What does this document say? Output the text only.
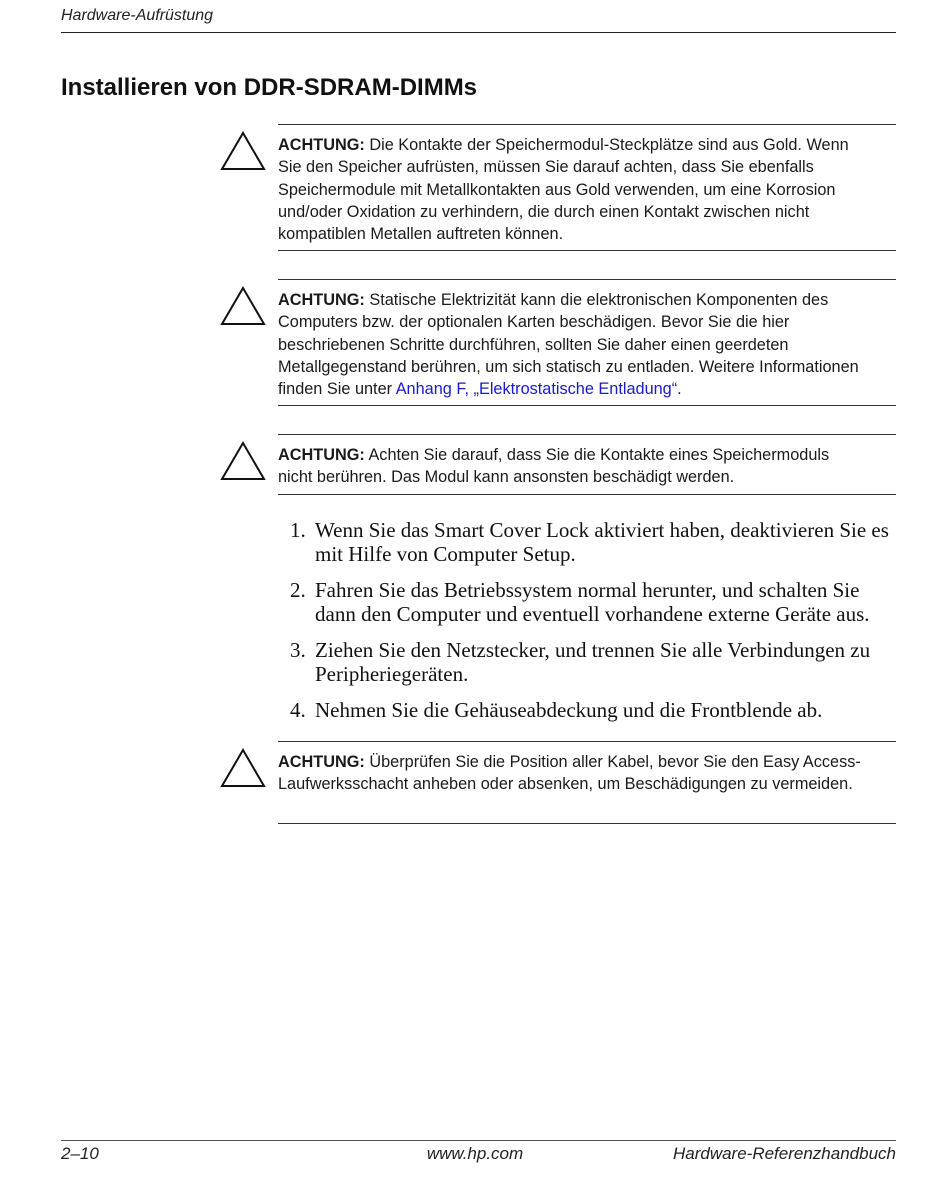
Hardware-Aufrüstung
Installieren von DDR-SDRAM-DIMMs
ACHTUNG: Die Kontakte der Speichermodul-Steckplätze sind aus Gold. Wenn Sie den Speicher aufrüsten, müssen Sie darauf achten, dass Sie ebenfalls Speichermodule mit Metallkontakten aus Gold verwenden, um eine Korrosion und/oder Oxidation zu verhindern, die durch einen Kontakt zwischen nicht kompatiblen Metallen auftreten können.
ACHTUNG: Statische Elektrizität kann die elektronischen Komponenten des Computers bzw. der optionalen Karten beschädigen. Bevor Sie die hier beschriebenen Schritte durchführen, sollten Sie daher einen geerdeten Metallgegenstand berühren, um sich statisch zu entladen. Weitere Informationen finden Sie unter Anhang F, „Elektrostatische Entladung“.
ACHTUNG: Achten Sie darauf, dass Sie die Kontakte eines Speichermoduls nicht berühren. Das Modul kann ansonsten beschädigt werden.
1. Wenn Sie das Smart Cover Lock aktiviert haben, deaktivieren Sie es mit Hilfe von Computer Setup.
2. Fahren Sie das Betriebssystem normal herunter, und schalten Sie dann den Computer und eventuell vorhandene externe Geräte aus.
3. Ziehen Sie den Netzstecker, und trennen Sie alle Verbindungen zu Peripheriegeräten.
4. Nehmen Sie die Gehäuseabdeckung und die Frontblende ab.
ACHTUNG: Überprüfen Sie die Position aller Kabel, bevor Sie den Easy Access-Laufwerksschacht anheben oder absenken, um Beschädigungen zu vermeiden.
2–10	www.hp.com	Hardware-Referenzhandbuch
